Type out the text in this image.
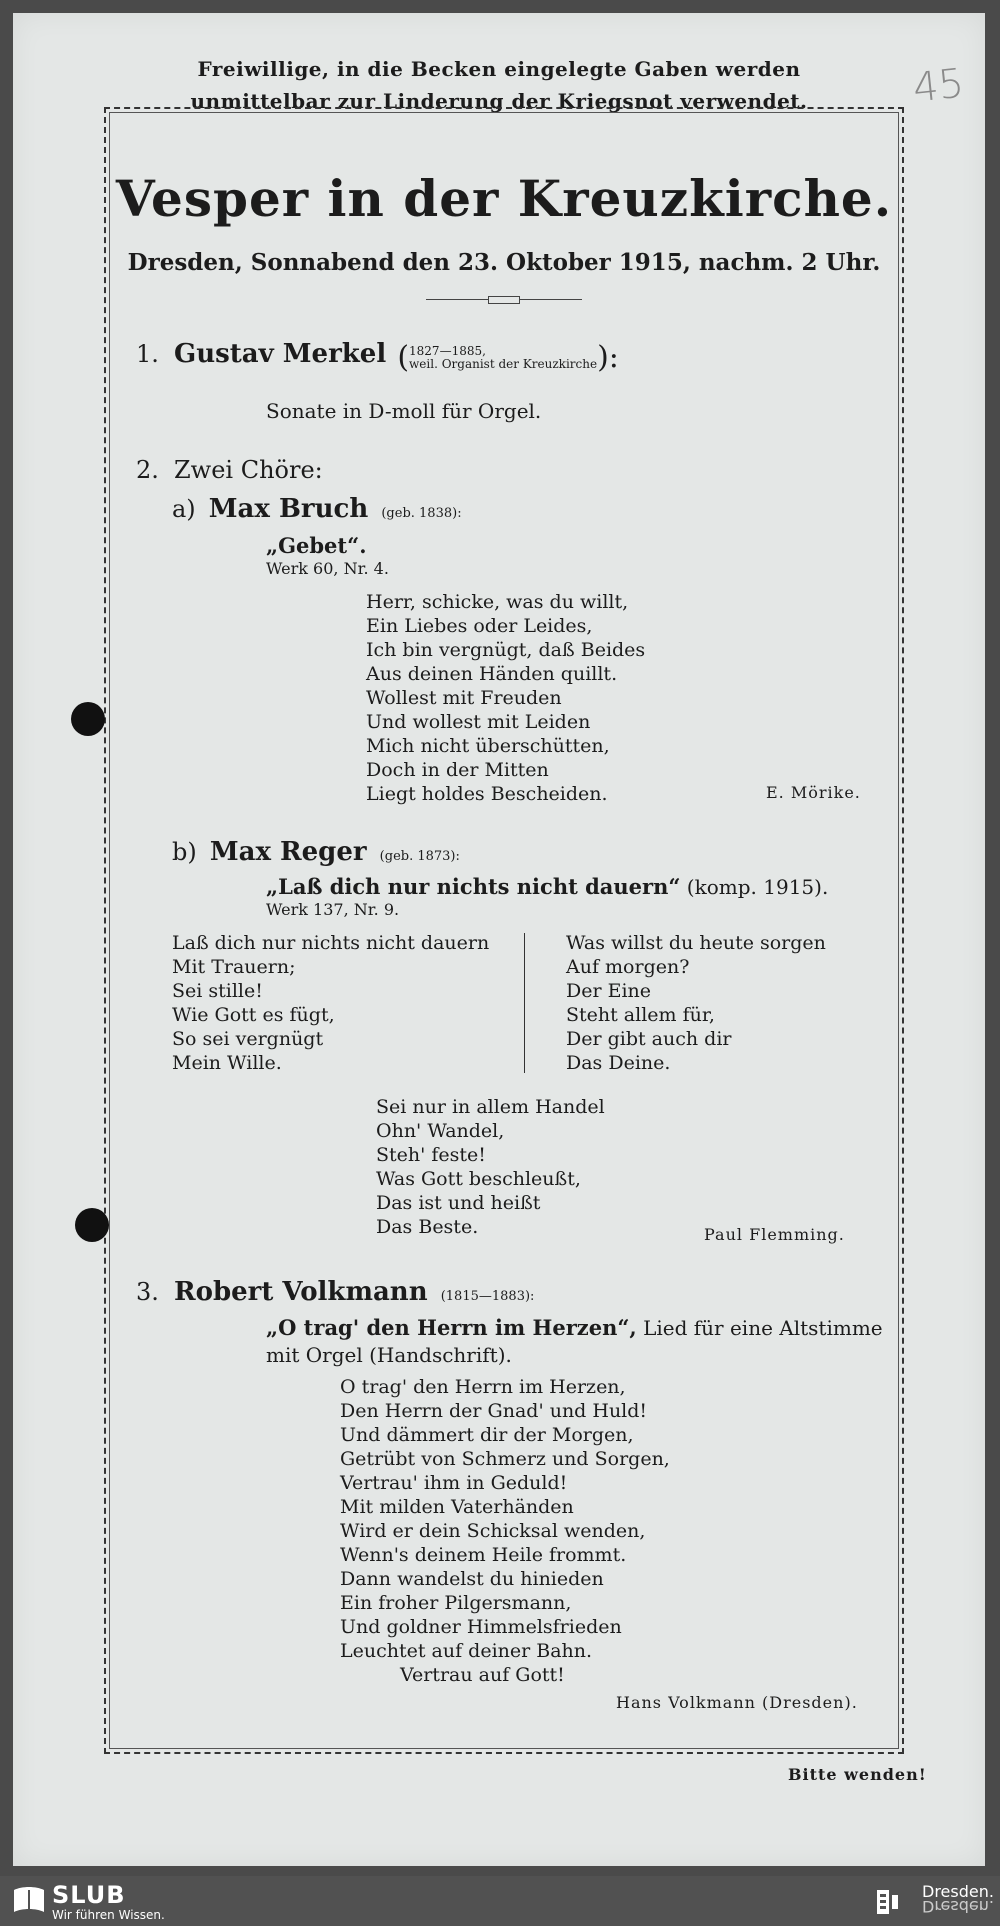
Freiwillige, in die Becken eingelegte Gaben werden
unmittelbar zur Linderung der Kriegsnot verwendet.	45
Vesper in der Kreuzkirche.
Dresden, Sonnabend den 23. Oktober 1915, nachm. 2 Uhr.
1. Gustav Merkel ( 1827—1885,
weil. Organist der Kreuzkirche ):
Sonate in D-moll für Orgel.
2. Zwei Chöre:
a) Max Bruch (geb. 1838):
„Gebet“.
Werk 60, Nr. 4.
Herr, schicke, was du willt,
Ein Liebes oder Leides,
Ich bin vergnügt, daß Beides
Aus deinen Händen quillt.
Wollest mit Freuden
Und wollest mit Leiden
Mich nicht überschütten,
Doch in der Mitten
Liegt holdes Bescheiden.	E. Mörike.
b) Max Reger (geb. 1873):
„Laß dich nur nichts nicht dauern“ (komp. 1915).
Werk 137, Nr. 9.
Laß dich nur nichts nicht dauern
Mit Trauern;
Sei stille!
Wie Gott es fügt,
So sei vergnügt
Mein Wille.
Was willst du heute sorgen
Auf morgen?
Der Eine
Steht allem für,
Der gibt auch dir
Das Deine.
Sei nur in allem Handel
Ohn' Wandel,
Steh' feste!
Was Gott beschleußt,
Das ist und heißt
Das Beste.	Paul Flemming.
3. Robert Volkmann (1815—1883):
„O trag' den Herrn im Herzen“, Lied für eine Altstimme
mit Orgel (Handschrift).
O trag' den Herrn im Herzen,
Den Herrn der Gnad' und Huld!
Und dämmert dir der Morgen,
Getrübt von Schmerz und Sorgen,
Vertrau' ihm in Geduld!
Mit milden Vaterhänden
Wird er dein Schicksal wenden,
Wenn's deinem Heile frommt.
Dann wandelst du hinieden
Ein froher Pilgersmann,
Und goldner Himmelsfrieden
Leuchtet auf deiner Bahn.
Vertrau auf Gott!
Hans Volkmann (Dresden).
Bitte wenden!
SLUB
Wir führen Wissen.
Dresden.
Dresden.
